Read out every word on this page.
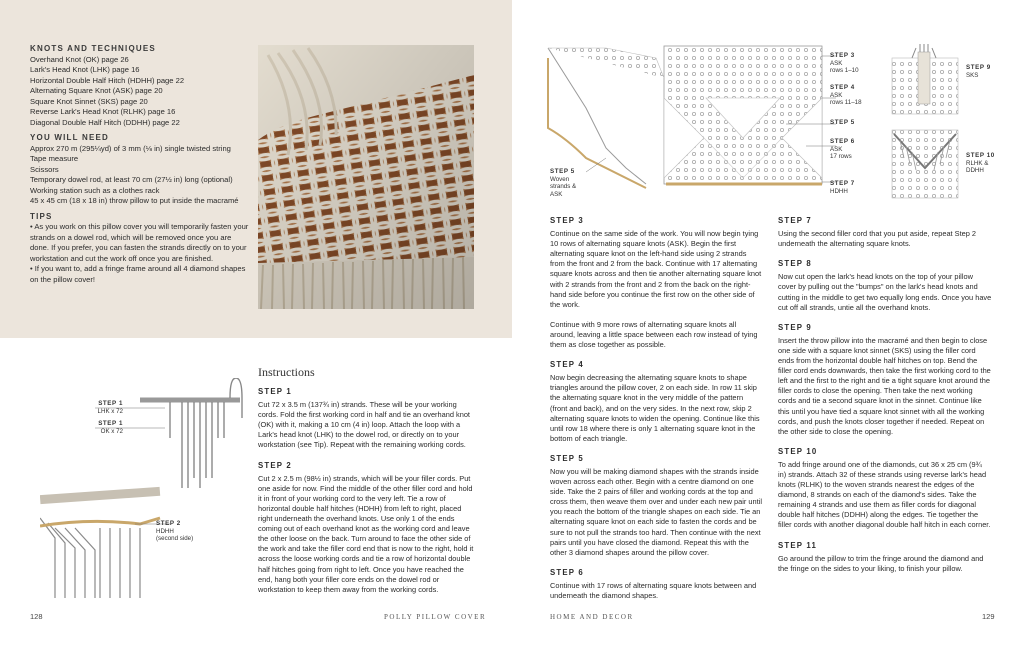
KNOTS AND TECHNIQUES

Overhand Knot (OK) page 26

Lark's Head Knot (LHK) page 16

Horizontal Double Half Hitch (HDHH) page 22

Alternating Square Knot (ASK) page 20

Square Knot Sinnet (SKS) page 20

Reverse Lark's Head Knot (RLHK) page 16

Diagonal Double Half Hitch (DDHH) page 22

YOU WILL NEED

Approx 270 m (295¼yd) of 3 mm (⅛ in) single twisted string

Tape measure

Scissors

Temporary dowel rod, at least 70 cm (27½ in) long (optional)

Working station such as a clothes rack

45 x 45 cm (18 x 18 in) throw pillow to put inside the macramé

TIPS

• As you work on this pillow cover you will temporarily fasten your strands on a dowel rod, which will be removed once you are done. If you prefer, you can fasten the strands directly on to your workstation and cut the work off once you are finished.

• If you want to, add a fringe frame around all 4 diamond shapes on the pillow cover!

Instructions
STEP 1

Cut 72 x 3.5 m (137¾ in) strands. These will be your working cords. Fold the first working cord in half and tie an overhand knot (OK) with it, making a 10 cm (4 in) loop. Attach the loop with a Lark's head knot (LHK) to the dowel rod, or directly on to your workstation (see Tip). Repeat with the remaining working cords.

STEP 2

Cut 2 x 2.5 m (98½ in) strands, which will be your filler cords. Put one aside for now. Find the middle of the other filler cord and hold it in front of your working cord to the very left. Tie a row of horizontal double half hitches (HDHH) from left to right, placed right underneath the overhand knots. Use only 1 of the ends coming out of each overhand knot as the working cord and leave the other loose on the back. Turn around to face the other side of the work and take the filler cord end that is now to the right, hold it across the loose working cords and tie a row of horizontal double half hitches going from right to left. Once you have reached the end, hang both your filler core ends on the dowel rod or workstation to keep them away from the working cords.

STEP 1
LHK x 72
STEP 1
OK x 72
STEP 2
HDHH
(second side)
128	POLLY PILLOW COVER
STEP 3
ASK
rows 1–10
STEP 4
ASK
rows 11–18
STEP 5
STEP 6
ASK
17 rows
STEP 7
HDHH
STEP 5
Woven
strands &
ASK
STEP 9
SKS
STEP 10
RLHK &
DDHH
STEP 3

Continue on the same side of the work. You will now begin tying 10 rows of alternating square knots (ASK). Begin the first alternating square knot on the left-hand side using 2 strands from the front and 2 from the back. Continue with 17 alternating square knots across and then tie another alternating square knot with 2 strands from the front and 2 from the back on the right-hand side before you continue the first row on the other side of the work.

Continue with 9 more rows of alternating square knots all around, leaving a little space between each row instead of tying them as close together as possible.

STEP 4

Now begin decreasing the alternating square knots to shape triangles around the pillow cover, 2 on each side. In row 11 skip the alternating square knot in the very middle of the pattern (front and back), and on the very sides. In the next row, skip 2 alternating square knots to widen the opening. Continue like this until row 18 where there is only 1 alternating square knot in the bottom of each triangle.

STEP 5

Now you will be making diamond shapes with the strands inside woven across each other. Begin with a centre diamond on one side. Take the 2 pairs of filler and working cords at the top and cross them, then weave them over and under each new pair until you reach the bottom of the triangle shapes on each side. Tie an alternating square knot on each side to fasten the cords and be sure to not pull the strands too hard. Then continue with the next pairs until you have closed the diamond. Repeat this with the other 3 diamond shapes around the pillow cover.

STEP 6

Continue with 17 rows of alternating square knots between and underneath the diamond shapes.

STEP 7

Using the second filler cord that you put aside, repeat Step 2 underneath the alternating square knots.

STEP 8

Now cut open the lark's head knots on the top of your pillow cover by pulling out the "bumps" on the lark's head knots and cutting in the middle to get two equally long ends. Once you have cut off all strands, untie all the overhand knots.

STEP 9

Insert the throw pillow into the macramé and then begin to close one side with a square knot sinnet (SKS) using the filler cord ends from the horizontal double half hitches on top. Bend the filler cord ends downwards, then take the first working cord to the left and the first to the right and tie a tight square knot around the filler cords to close the opening. Then take the next working cords and tie a second square knot in the sinnet. Continue like this until you have tied a square knot sinnet with all the working cords, and push the knots closer together if needed. Repeat on the other side to close the opening.

STEP 10

To add fringe around one of the diamonds, cut 36 x 25 cm (9¾ in) strands. Attach 32 of these strands using reverse lark's head knots (RLHK) to the woven strands nearest the edges of the diamond, 8 strands on each of the diamond's sides. Take the remaining 4 strands and use them as filler cords for diagonal double half hitches (DDHH) along the edges. Tie together the filler cords with another diagonal double half hitch in each corner.

STEP 11

Go around the pillow to trim the fringe around the diamond and the fringe on the sides to your liking, to finish your pillow.

HOME AND DECOR	129
